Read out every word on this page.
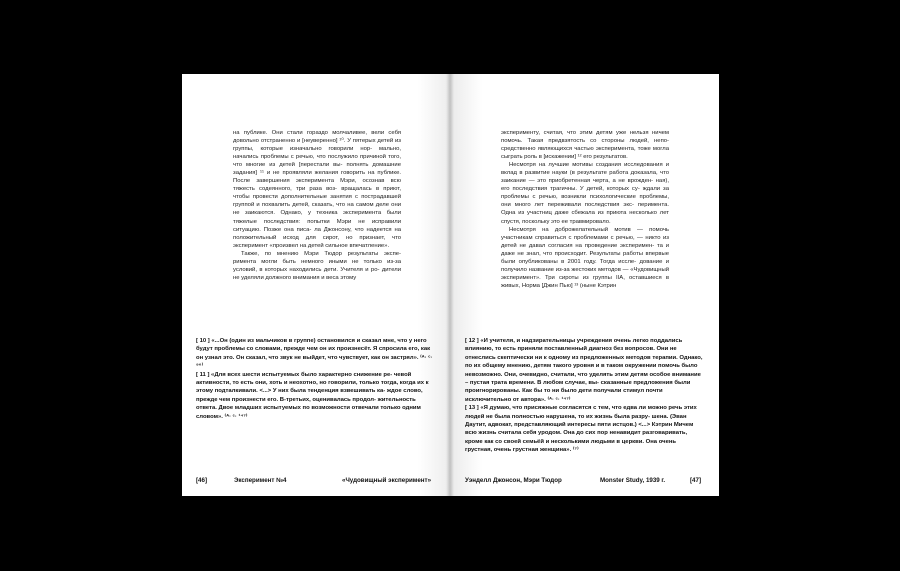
на публике. Они стали гораздо молчаливее, вели себя довольно отстраненно и [неуверенно] ¹⁰. У пятерых детей из группы, которые изначально говорили нор- мально, начались проблемы с речью, что послужило причиной того, что многие из детей [перестали вы- полнять домашние задания] ¹¹ и не проявляли желания говорить на публике. После завершения эксперимента Мэри, осознав всю тяжесть содеянного, три раза воз- вращалась в приют, чтобы провести дополнительные занятия с пострадавшей группой и похвалить детей, сказать, что на самом деле они не заикаются. Однако, у техникa эксперимента были тяжелые последствия: попытки Мэри не исправили ситуацию. Позже она писа- ла Джонсону, что надеется на положительный исход для сирот, но признает, что эксперимент «произвел на детей сильное впечатление».

Также, по мнению Мэри Тюдор результаты экспе- римента могли быть немного иными не только из-за условий, в которых находились дети. Учителя и ро- дители не уделяли должного внимания и веса этому

[ 10 ] «...Он (один из мальчиков в группе) остановился и сказал мне, что у него будут проблемы со словами, прежде чем он их произнесёт. Я спросила его, как он узнал это. Он сказал, что звук не выйдет, что чувствует, как он застрял». ⁽ᴬ· ᶜ· ⁹⁶⁾

[ 11 ] «Для всех шести испытуемых было характерно снижение ре- чевой активности, то есть они, хоть и неохотно, но говорили, только тогда, когда их к этому подталкивали. <...> У них была тенденция взвешивать ка- ждое слово, прежде чем произнести его. В-третьих, оценивалась продол- жительность ответа. Двое младших испытуемых по возможности отвечали только одним словом». ⁽ᴬ· ᶜ· ¹⁴⁷⁾

[46]	Эксперимент №4	«Чудовищный эксперимент»

экспериментy, считая, что этим детям уже нельзя ничем помочь. Такая предвзятость со стороны людей, непо- средственно являющихся частью эксперимента, тоже могла сыграть роль в [искажении] ¹² его результатов.

Несмотря на лучшие мотивы создания исследования и вклад в развитие науки (в результате работа доказала, что заикание — это приобретенная черта, а не врожден- ная), его последствия трагичны. У детей, которых су- ждали за проблемы с речью, возникли психологические проблемы, они много лет переживали последствия экс- перимента. Одна из участниц даже сбежала из приюта несколько лет спустя, поскольку это ее травмировало.

Несмотря на доброжелательный мотив — помочь участникам справиться с проблемами с речью, — никто из детей не давал согласия на проведение эксперимен- та и даже не знал, что происходит. Результаты работы впервые были опубликованы в 2001 году. Тогда иссле- дование и получило название из-за жестоких методов — «Чудовищный эксперимент». Три сироты из группы IIA, оставшиеся в живых, Норма [Джин Пью] ¹³ (ныне Кэтрин

[ 12 ] «И учителя, и надзирательницы учреждения очень легко поддались влиянию, то есть приняли поставленный диагноз без вопросов. Они не отнеслись скептически ни к одному из предложенных методов терапии. Однако, по их общему мнению, детям такого уровня и в таком окружении помочь было невозможно. Они, очевидно, считали, что уделять этим детям особое внимание – пустая трата времени. В любом случае, вы- сказанные предложения были проигнорированы. Как бы то ни было дети получали стимул почти исключительно от авторa». ⁽ᴬ· ᶜ· ¹⁴⁷⁾

[ 13 ] «Я думаю, что присяжные согласятся с тем, что едва ли можно речь этих людей не была полностью нарушена, то их жизнь была разру- шена. (Эван Даутит, адвокат, представляющий интересы пяти истцов.) <...> Кэтрин Мичем всю жизнь считала себя уродом. Она до сих пор ненавидит разговаривать, кроме как со своей семьёй и несколькими людьми в церкви. Она очень грустная, очень грустная женщина». ⁽⁷⁾

Уэнделл Джонсон, Мэри Тюдор	Monster Study, 1939 г.	[47]
